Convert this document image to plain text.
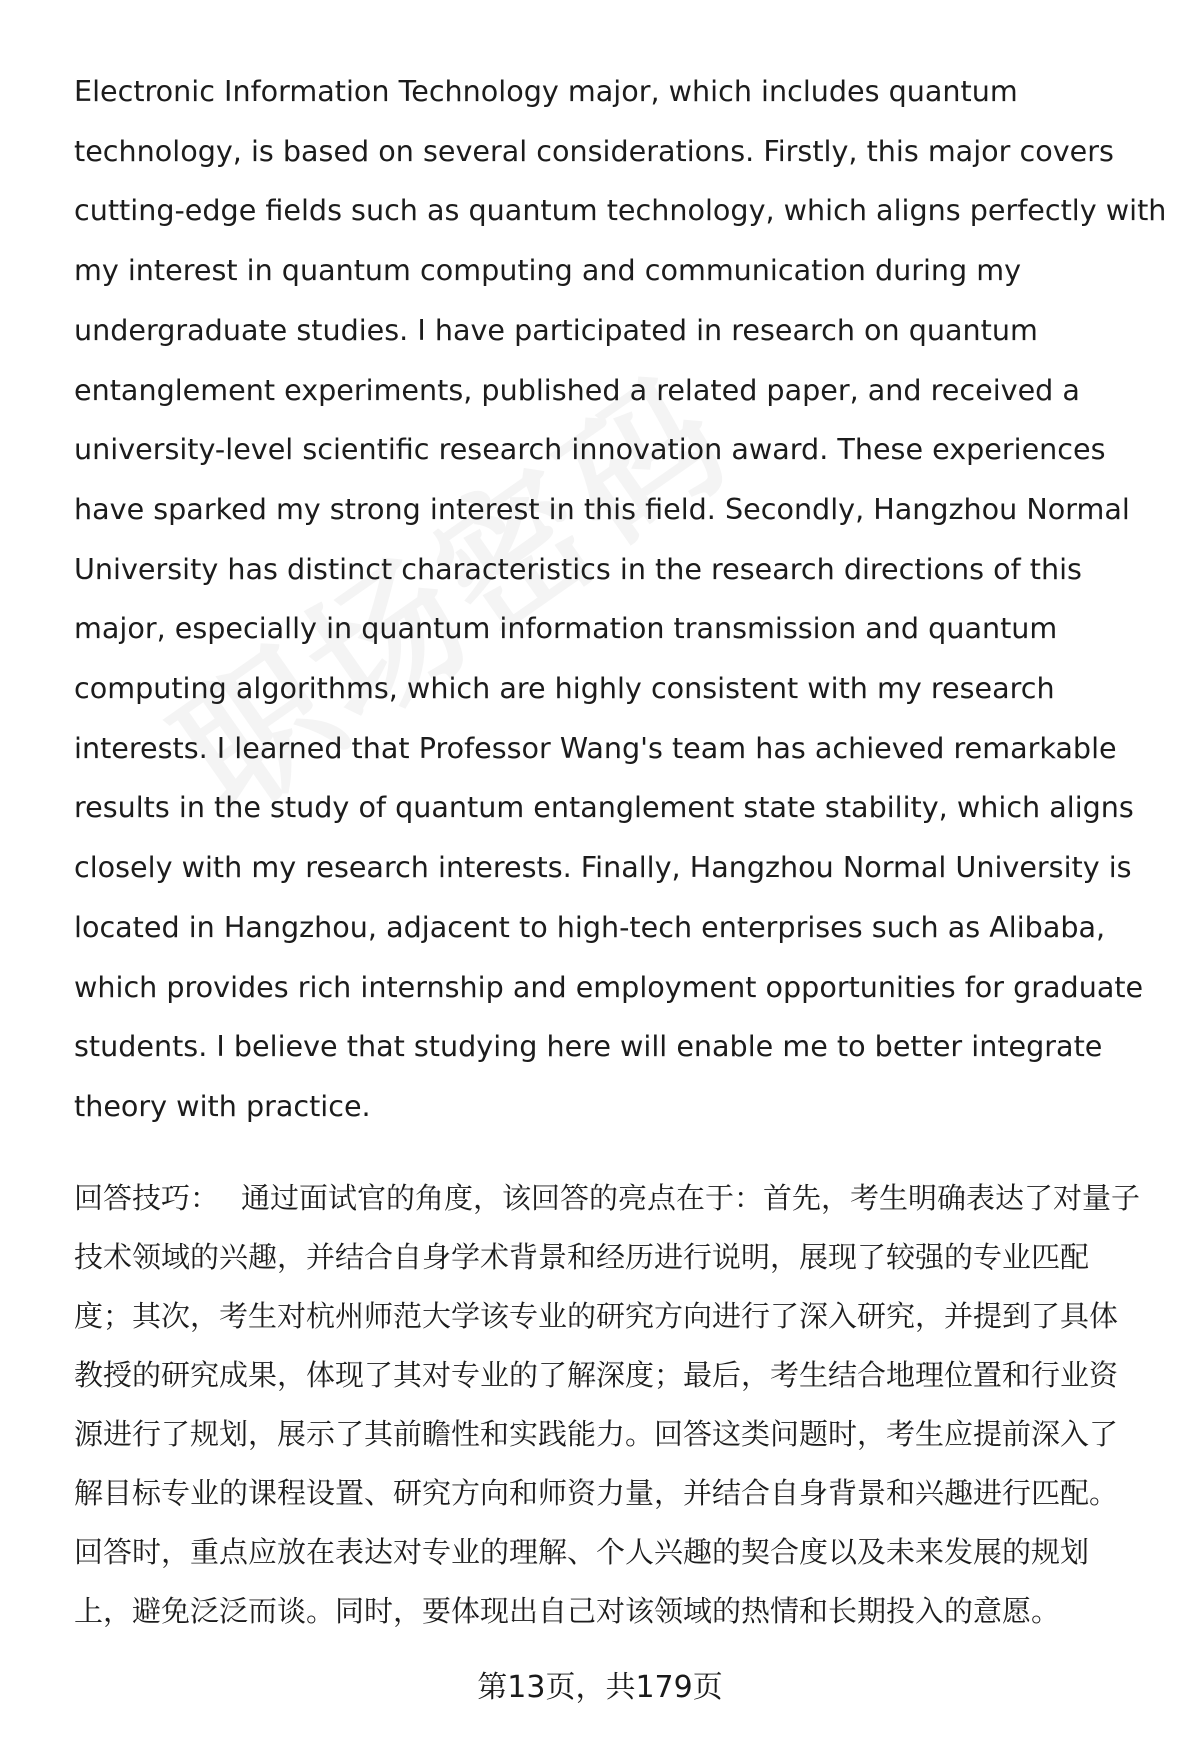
Electronic Information Technology major, which includes quantum
technology, is based on several considerations. Firstly, this major covers
cutting-edge fields such as quantum technology, which aligns perfectly with
my interest in quantum computing and communication during my
undergraduate studies. I have participated in research on quantum
entanglement experiments, published a related paper, and received a
university-level scientific research innovation award. These experiences
have sparked my strong interest in this field. Secondly, Hangzhou Normal
University has distinct characteristics in the research directions of this
major, especially in quantum information transmission and quantum
computing algorithms, which are highly consistent with my research
interests. I learned that Professor Wang's team has achieved remarkable
results in the study of quantum entanglement state stability, which aligns
closely with my research interests. Finally, Hangzhou Normal University is
located in Hangzhou, adjacent to high-tech enterprises such as Alibaba,
which provides rich internship and employment opportunities for graduate
students. I believe that studying here will enable me to better integrate
theory with practice.
回答技巧： 通过面试官的角度，该回答的亮点在于：首先，考生明确表达了对量子
技术领域的兴趣，并结合自身学术背景和经历进行说明，展现了较强的专业匹配
度；其次，考生对杭州师范大学该专业的研究方向进行了深入研究，并提到了具体
教授的研究成果，体现了其对专业的了解深度；最后，考生结合地理位置和行业资
源进行了规划，展示了其前瞻性和实践能力。回答这类问题时，考生应提前深入了
解目标专业的课程设置、研究方向和师资力量，并结合自身背景和兴趣进行匹配。
回答时，重点应放在表达对专业的理解、个人兴趣的契合度以及未来发展的规划
上，避免泛泛而谈。同时，要体现出自己对该领域的热情和长期投入的意愿。
第13页，共179页
